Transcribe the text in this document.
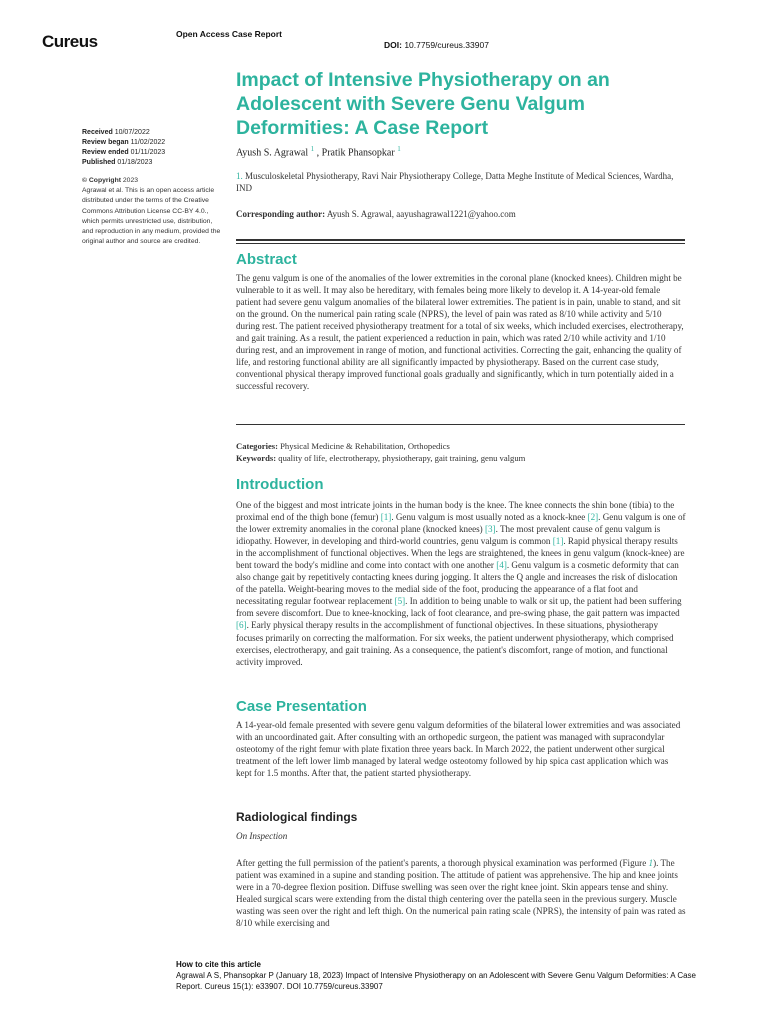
Cureus	Open Access Case Report
DOI: 10.7759/cureus.33907
Received 10/07/2022
Review began 11/02/2022
Review ended 01/11/2023
Published 01/18/2023
© Copyright 2023
Agrawal et al. This is an open access article distributed under the terms of the Creative Commons Attribution License CC-BY 4.0., which permits unrestricted use, distribution, and reproduction in any medium, provided the original author and source are credited.
Impact of Intensive Physiotherapy on an Adolescent with Severe Genu Valgum Deformities: A Case Report
Ayush S. Agrawal $^1$ , Pratik Phansopkar $^1$
1. Musculoskeletal Physiotherapy, Ravi Nair Physiotherapy College, Datta Meghe Institute of Medical Sciences, Wardha, IND
Corresponding author: Ayush S. Agrawal, aayushagrawal1221@yahoo.com
Abstract
The genu valgum is one of the anomalies of the lower extremities in the coronal plane (knocked knees). Children might be vulnerable to it as well. It may also be hereditary, with females being more likely to develop it. A 14-year-old female patient had severe genu valgum anomalies of the bilateral lower extremities. The patient is in pain, unable to stand, and sit on the ground. On the numerical pain rating scale (NPRS), the level of pain was rated as 8/10 while activity and 5/10 during rest. The patient received physiotherapy treatment for a total of six weeks, which included exercises, electrotherapy, and gait training. As a result, the patient experienced a reduction in pain, which was rated 2/10 while activity and 1/10 during rest, and an improvement in range of motion, and functional activities. Correcting the gait, enhancing the quality of life, and restoring functional ability are all significantly impacted by physiotherapy. Based on the current case study, conventional physical therapy improved functional goals gradually and significantly, which in turn potentially aided in a successful recovery.
Categories: Physical Medicine & Rehabilitation, Orthopedics
Keywords: quality of life, electrotherapy, physiotherapy, gait training, genu valgum
Introduction
One of the biggest and most intricate joints in the human body is the knee. The knee connects the shin bone (tibia) to the proximal end of the thigh bone (femur) [1]. Genu valgum is most usually noted as a knock-knee [2]. Genu valgum is one of the lower extremity anomalies in the coronal plane (knocked knees) [3]. The most prevalent cause of genu valgum is idiopathy. However, in developing and third-world countries, genu valgum is common [1]. Rapid physical therapy results in the accomplishment of functional objectives. When the legs are straightened, the knees in genu valgum (knock-knee) are bent toward the body's midline and come into contact with one another [4]. Genu valgum is a cosmetic deformity that can also change gait by repetitively contacting knees during jogging. It alters the Q angle and increases the risk of dislocation of the patella. Weight-bearing moves to the medial side of the foot, producing the appearance of a flat foot and necessitating regular footwear replacement [5]. In addition to being unable to walk or sit up, the patient had been suffering from severe discomfort. Due to knee-knocking, lack of foot clearance, and pre-swing phase, the gait pattern was impacted [6]. Early physical therapy results in the accomplishment of functional objectives. In these situations, physiotherapy focuses primarily on correcting the malformation. For six weeks, the patient underwent physiotherapy, which comprised exercises, electrotherapy, and gait training. As a consequence, the patient's discomfort, range of motion, and functional activity improved.
Case Presentation
A 14-year-old female presented with severe genu valgum deformities of the bilateral lower extremities and was associated with an uncoordinated gait. After consulting with an orthopedic surgeon, the patient was managed with supracondylar osteotomy of the right femur with plate fixation three years back. In March 2022, the patient underwent other surgical treatment of the left lower limb managed by lateral wedge osteotomy followed by hip spica cast application which was kept for 1.5 months. After that, the patient started physiotherapy.
Radiological findings
On Inspection
After getting the full permission of the patient's parents, a thorough physical examination was performed (Figure 1). The patient was examined in a supine and standing position. The attitude of patient was apprehensive. The hip and knee joints were in a 70-degree flexion position. Diffuse swelling was seen over the right knee joint. Skin appears tense and shiny. Healed surgical scars were extending from the distal thigh centering over the patella seen in the previous surgery. Muscle wasting was seen over the right and left thigh. On the numerical pain rating scale (NPRS), the intensity of pain was rated as 8/10 while exercising and
How to cite this article
Agrawal A S, Phansopkar P (January 18, 2023) Impact of Intensive Physiotherapy on an Adolescent with Severe Genu Valgum Deformities: A Case Report. Cureus 15(1): e33907. DOI 10.7759/cureus.33907
